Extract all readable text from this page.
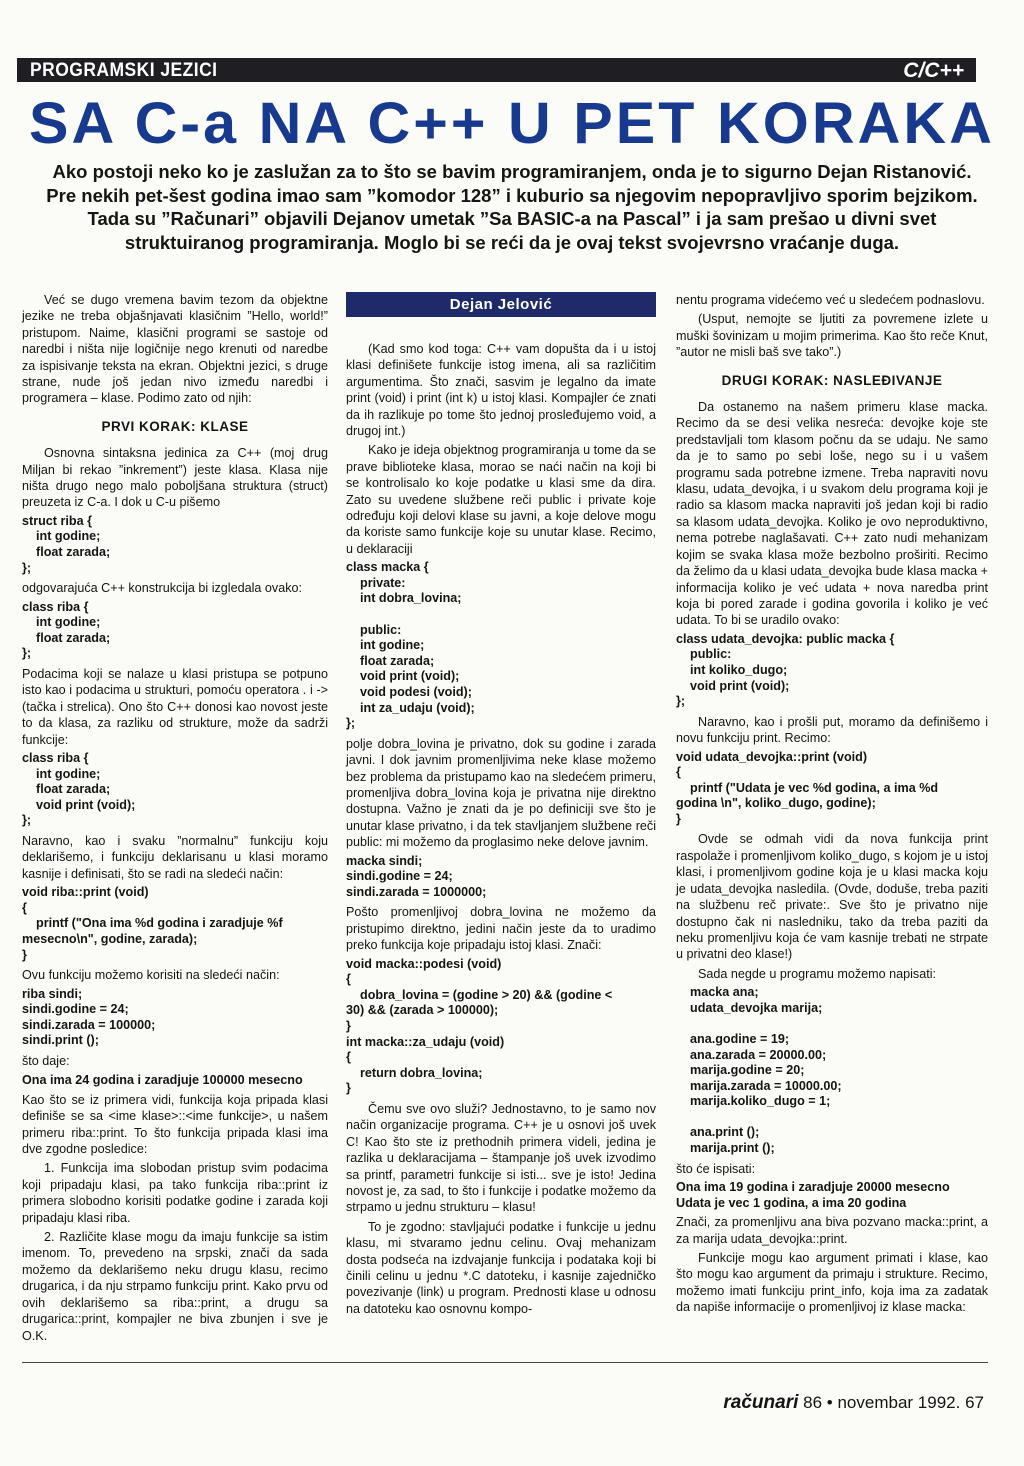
PROGRAMSKI JEZICI	C/C++
SA C-a NA C++ U PET KORAKA
Ako postoji neko ko je zaslužan za to što se bavim programiranjem, onda je to sigurno Dejan Ristanović. Pre nekih pet-šest godina imao sam ”komodor 128” i kuburio sa njegovim nepopravljivo sporim bejzikom. Tada su ”Računari” objavili Dejanov umetak ”Sa BASIC-a na Pascal” i ja sam prešao u divni svet struktuiranog programiranja. Moglo bi se reći da je ovaj tekst svojevrsno vraćanje duga.

Već se dugo vremena bavim tezom da objektne jezike ne treba objašnjavati klasičnim ”Hello, world!” pristupom. Naime, klasični programi se sastoje od naredbi i ništa nije logičnije nego krenuti od naredbe za ispisivanje teksta na ekran. Objektni jezici, s druge strane, nude još jedan nivo između naredbi i programera – klase. Podimo zato od njih:

PRVI KORAK: KLASE

Osnovna sintaksna jedinica za C++ (moj drug Miljan bi rekao ”inkrement”) jeste klasa. Klasa nije ništa drugo nego malo poboljšana struktura (struct) preuzeta iz C-a. I dok u C-u pišemo

struct riba {
int godine;
float zarada;
};

odgovarajuća C++ konstrukcija bi izgledala ovako:

class riba {
int godine;
float zarada;
};

Podacima koji se nalaze u klasi pristupa se potpuno isto kao i podacima u strukturi, pomoću operatora . i -> (tačka i strelica). Ono što C++ donosi kao novost jeste to da klasa, za razliku od strukture, može da sadrži funkcije:

class riba {
int godine;
float zarada;
void print (void);
};

Naravno, kao i svaku ”normalnu” funkciju koju deklarišemo, i funkciju deklarisanu u klasi moramo kasnije i definisati, što se radi na sledeći način:

void riba::print (void)
{
printf ("Ona ima %d godina i zaradjuje %f
mesecno\n", godine, zarada);
}

Ovu funkciju možemo korisiti na sledeći način:

riba sindi;
sindi.godine = 24;
sindi.zarada = 100000;
sindi.print ();

što daje:

Ona ima 24 godina i zaradjuje 100000 mesecno

Kao što se iz primera vidi, funkcija koja pripada klasi definiše se sa <ime klase>::<ime funkcije>, u našem primeru riba::print. To što funkcija pripada klasi ima dve zgodne posledice:

1. Funkcija ima slobodan pristup svim podacima koji pripadaju klasi, pa tako funkcija riba::print iz primera slobodno korisiti podatke godine i zarada koji pripadaju klasi riba.

2. Različite klase mogu da imaju funkcije sa istim imenom. To, prevedeno na srpski, znači da sada možemo da deklarišemo neku drugu klasu, recimo drugarica, i da nju strpamo funkciju print. Kako prvu od ovih deklarišemo sa riba::print, a drugu sa drugarica::print, kompajler ne biva zbunjen i sve je O.K.

Dejan Jelović

(Kad smo kod toga: C++ vam dopušta da i u istoj klasi definišete funkcije istog imena, ali sa različitim argumentima. Što znači, sasvim je legalno da imate print (void) i print (int k) u istoj klasi. Kompajler će znati da ih razlikuje po tome što jednoj prosleđujemo void, a drugoj int.)

Kako je ideja objektnog programiranja u tome da se prave biblioteke klasa, morao se naći način na koji bi se kontrolisalo ko koje podatke u klasi sme da dira. Zato su uvedene službene reči public i private koje određuju koji delovi klase su javni, a koje delove mogu da koriste samo funkcije koje su unutar klase. Recimo, u deklaraciji

class macka {
private:
int dobra_lovina;

public:
int godine;
float zarada;
void print (void);
void podesi (void);
int za_udaju (void);
};

polje dobra_lovina je privatno, dok su godine i zarada javni. I dok javnim promenljivima neke klase možemo bez problema da pristupamo kao na sledećem primeru, promenljiva dobra_lovina koja je privatna nije direktno dostupna. Važno je znati da je po definiciji sve što je unutar klase privatno, i da tek stavljanjem službene reči public: mi možemo da proglasimo neke delove javnim.

macka sindi;
sindi.godine = 24;
sindi.zarada = 1000000;

Pošto promenljivoj dobra_lovina ne možemo da pristupimo direktno, jedini način jeste da to uradimo preko funkcija koje pripadaju istoj klasi. Znači:

void macka::podesi (void)
{
dobra_lovina = (godine > 20) && (godine <
30) && (zarada > 100000);
}
int macka::za_udaju (void)
{
return dobra_lovina;
}

Čemu sve ovo služi? Jednostavno, to je samo nov način organizacije programa. C++ je u osnovi još uvek C! Kao što ste iz prethodnih primera videli, jedina je razlika u deklaracijama – štampanje još uvek izvodimo sa printf, parametri funkcije si isti... sve je isto! Jedina novost je, za sad, to što i funkcije i podatke možemo da strpamo u jednu strukturu – klasu!

To je zgodno: stavljajući podatke i funkcije u jednu klasu, mi stvaramo jednu celinu. Ovaj mehanizam dosta podseća na izdvajanje funkcija i podataka koji bi činili celinu u jednu *.C datoteku, i kasnije zajedničko povezivanje (link) u program. Prednosti klase u odnosu na datoteku kao osnovnu kompo-

nentu programa videćemo već u sledećem podnaslovu.

(Usput, nemojte se ljutiti za povremene izlete u muški šovinizam u mojim primerima. Kao što reče Knut, ”autor ne misli baš sve tako”.)

DRUGI KORAK: NASLEĐIVANJE

Da ostanemo na našem primeru klase macka. Recimo da se desi velika nesreća: devojke koje ste predstavljali tom klasom počnu da se udaju. Ne samo da je to samo po sebi loše, nego su i u vašem programu sada potrebne izmene. Treba napraviti novu klasu, udata_devojka, i u svakom delu programa koji je radio sa klasom macka napraviti još jedan koji bi radio sa klasom udata_devojka. Koliko je ovo neproduktivno, nema potrebe naglašavati. C++ zato nudi mehanizam kojim se svaka klasa može bezbolno proširiti. Recimo da želimo da u klasi udata_devojka bude klasa macka + informacija koliko je već udata + nova naredba print koja bi pored zarade i godina govorila i koliko je već udata. To bi se uradilo ovako:

class udata_devojka: public macka {
public:
int koliko_dugo;
void print (void);
};

Naravno, kao i prošli put, moramo da definišemo i novu funkciju print. Recimo:

void udata_devojka::print (void)
{
printf ("Udata je vec %d godina, a ima %d
godina \n", koliko_dugo, godine);
}

Ovde se odmah vidi da nova funkcija print raspolaže i promenljivom koliko_dugo, s kojom je u istoj klasi, i promenljivom godine koja je u klasi macka koju je udata_devojka nasledila. (Ovde, doduše, treba paziti na službenu reč private:. Sve što je privatno nije dostupno čak ni nasledniku, tako da treba paziti da neku promenljivu koja će vam kasnije trebati ne strpate u privatni deo klase!)

Sada negde u programu možemo napisati:

macka ana;
udata_devojka marija;

ana.godine = 19;
ana.zarada = 20000.00;
marija.godine = 20;
marija.zarada = 10000.00;
marija.koliko_dugo = 1;

ana.print ();
marija.print ();

što će ispisati:

Ona ima 19 godina i zaradjuje 20000 mesecno
Udata je vec 1 godina, a ima 20 godina

Znači, za promenljivu ana biva pozvano macka::print, a za marija udata_devojka::print.

Funkcije mogu kao argument primati i klase, kao što mogu kao argument da primaju i strukture. Recimo, možemo imati funkciju print_info, koja ima za zadatak da napiše informacije o promenljivoj iz klase macka:

računari 86 • novembar 1992. 67
